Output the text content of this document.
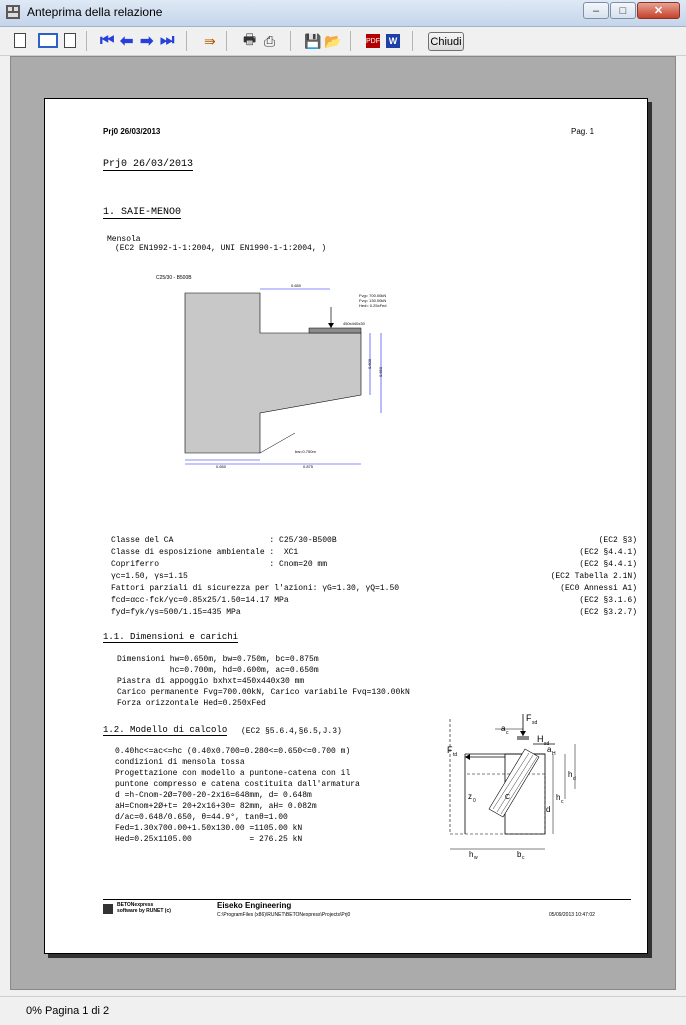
Anteprima della relazione	–	□	✕
⏮ ⬅ ➡ ⏭ ⇛ 🖶 ⎙ 💾 📂	PDF W	Chiudi
Prj0 26/03/2013	Pag. 1
Prj0 26/03/2013
1. SAIE-MENO0
Mensola
(EC2 EN1992-1-1:2004, UNI EN1990-1-1:2004, )
C25/30 - B500B
0.650
Fvg= 700.00kN
Fvq= 130.00kN
Hed= 0.25xFed
450x440x30
0.600
0.650
bw=0.750m
0.650	0.875
Classe del CA                    : C25/30-B500B	(EC2 §3)
Classe di esposizione ambientale :  XC1	(EC2 §4.4.1)
Copriferro                       : Cnom=20 mm	(EC2 §4.4.1)
γc=1.50, γs=1.15	(EC2 Tabella 2.1N)
Fattori parziali di sicurezza per l'azioni: γG=1.30, γQ=1.50	(EC0 Annessi A1)
fcd=αcc·fck/γc=0.85x25/1.50=14.17 MPa	(EC2 §3.1.6)
fyd=fyk/γs=500/1.15=435 MPa	(EC2 §3.2.7)
1.1. Dimensioni e carichi
Dimensioni hw=0.650m, bw=0.750m, bc=0.875m
hc=0.700m, hd=0.600m, ac=0.650m
Piastra di appoggio bxhxt=450x440x30 mm
Carico permanente Fvg=700.00kN, Carico variabile Fvq=130.00kN
Forza orizzontale Hed=0.250xFed
1.2. Modello di calcolo (EC2 §5.6.4,§6.5,J.3)
0.40hc<=ac<=hc (0.40x0.700=0.280<=0.650<=0.700 m)
condizioni di mensola tossa
Progettazione con modello a puntone-catena con il
puntone compresso e catena costituita dall'armatura
d =h-Cnom-2Ø=700-20-2x16=648mm, d= 0.648m
aH=Cnom+2Ø+t= 20+2x16+30= 82mm, aH= 0.082m
d/ac=0.648/0.650, θ=44.9°, tanθ=1.00
Fed=1.30x700.00+1.50x130.00 =1105.00 kN
Hed=0.25x1105.00            = 276.25 kN
F sd
H sd
F td
a c
a H
h d
h c
d
z 0	C
h w	b c
BETONexpress
software by RUNET (c)
Eiseko Engineering
C:\ProgramFiles (x86)\RUNET\BETONexpress\Projects\Prj0	05/09/2013 10:47:02
0% Pagina 1 di 2
